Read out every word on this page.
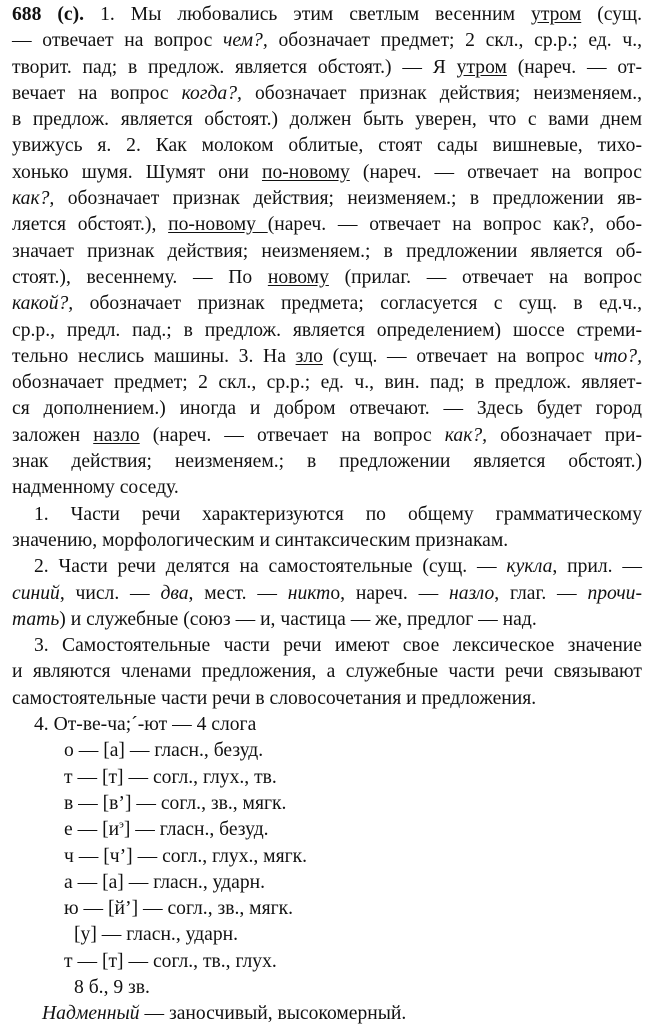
688 (с). 1. Мы любовались этим светлым весенним утром (сущ.
— отвечает на вопрос чем?, обозначает предмет; 2 скл., ср.р.; ед. ч.,
творит. пад; в предлож. является обстоят.) — Я утром (нареч. — от-
вечает на вопрос когда?, обозначает признак действия; неизменяем.,
в предлож. является обстоят.) должен быть уверен, что с вами днем
увижусь я. 2. Как молоком облитые, стоят сады вишневые, тихо-
хонько шумя. Шумят они по-новому (нареч. — отвечает на вопрос
как?, обозначает признак действия; неизменяем.; в предложении яв-
ляется обстоят.), по-новому (нареч. — отвечает на вопрос как?, обо-
значает признак действия; неизменяем.; в предложении является об-
стоят.), весеннему. — По новому (прилаг. — отвечает на вопрос
какой?, обозначает признак предмета; согласуется с сущ. в ед.ч.,
ср.р., предл. пад.; в предлож. является определением) шоссе стреми-
тельно неслись машины. 3. На зло (сущ. — отвечает на вопрос что?,
обозначает предмет; 2 скл., ср.р.; ед. ч., вин. пад; в предлож. являет-
ся дополнением.) иногда и добром отвечают. — Здесь будет город
заложен назло (нареч. — отвечает на вопрос как?, обозначает при-
знак действия; неизменяем.; в предложении является обстоят.)
надменному соседу.
1. Части речи характеризуются по общему грамматическому
значению, морфологическим и синтаксическим признакам.
2. Части речи делятся на самостоятельные (сущ. — кукла, прил. —
синий, числ. — два, мест. — никто, нареч. — назло, глаг. — прочи-
тать) и служебные (союз — и, частица — же, предлог — над.
3. Самостоятельные части речи имеют свое лексическое значение
и являются членами предложения, а служебные части речи связывают
самостоятельные части речи в словосочетания и предложения.
4. От-ве-ча;´-ют — 4 слога
о — [а] — гласн., безуд.
т — [т] — согл., глух., тв.
в — [в’] — согл., зв., мягк.
е — $[и^э]$ — гласн., безуд.
ч — [ч’] — согл., глух., мягк.
а — [а] — гласн., ударн.
ю — [й’] — согл., зв., мягк.
[у] — гласн., ударн.
т — [т] — согл., тв., глух.
8 б., 9 зв.
Надменный — заносчивый, высокомерный.
